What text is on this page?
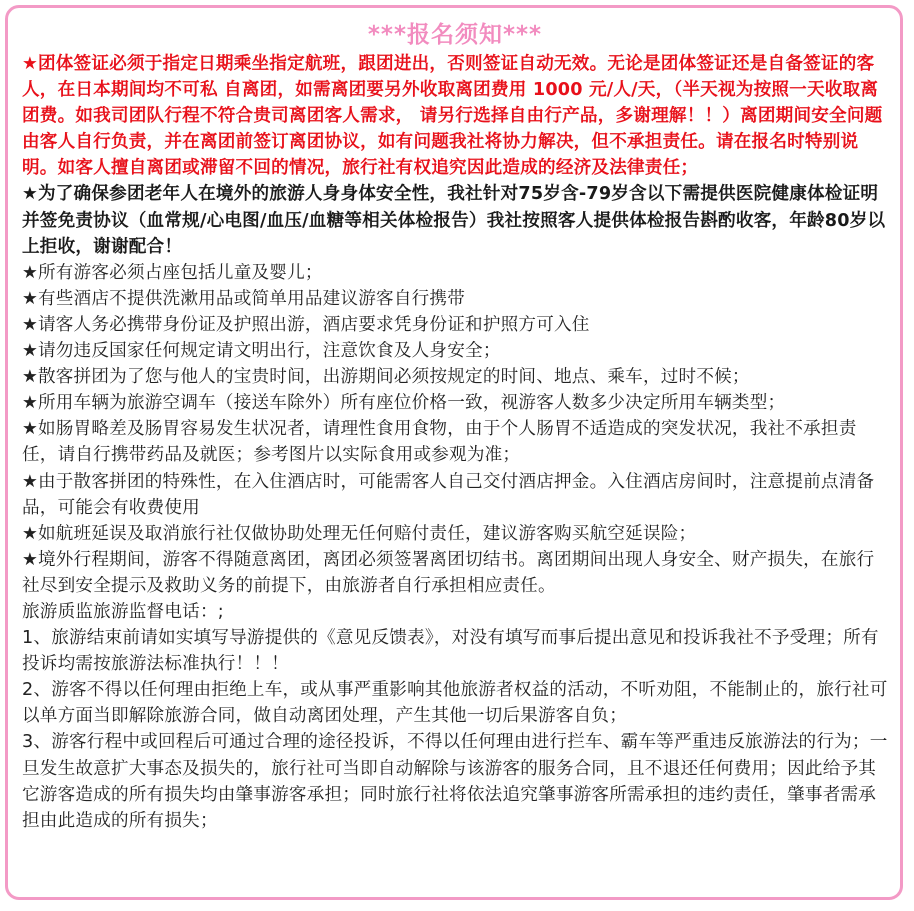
***报名须知***

★团体签证必须于指定日期乘坐指定航班，跟团进出，否则签证自动无效。无论是团体签证还是自备签证的客人，在日本期间均不可私 自离团，如需离团要另外收取离团费用 1000 元/人/天，（半天视为按照一天收取离团费。如我司团队行程不符合贵司离团客人需求， 请另行选择自由行产品，多谢理解！！）离团期间安全问题由客人自行负责，并在离团前签订离团协议，如有问题我社将协力解决，但不承担责任。请在报名时特别说明。如客人擅自离团或滞留不回的情况，旅行社有权追究因此造成的经济及法律责任；

★为了确保参团老年人在境外的旅游人身身体安全性，我社针对75岁含-79岁含以下需提供医院健康体检证明并签免责协议（血常规/心电图/血压/血糖等相关体检报告）我社按照客人提供体检报告斟酌收客，年龄80岁以上拒收，谢谢配合！

★所有游客必须占座包括儿童及婴儿；

★有些酒店不提供洗漱用品或简单用品建议游客自行携带

★请客人务必携带身份证及护照出游，酒店要求凭身份证和护照方可入住

★请勿违反国家任何规定请文明出行，注意饮食及人身安全；

★散客拼团为了您与他人的宝贵时间，出游期间必须按规定的时间、地点、乘车，过时不候；

★所用车辆为旅游空调车（接送车除外）所有座位价格一致，视游客人数多少决定所用车辆类型；

★如肠胃略差及肠胃容易发生状况者，请理性食用食物，由于个人肠胃不适造成的突发状况，我社不承担责任，请自行携带药品及就医；参考图片以实际食用或参观为准；

★由于散客拼团的特殊性，在入住酒店时，可能需客人自己交付酒店押金。入住酒店房间时，注意提前点清备品，可能会有收费使用

★如航班延误及取消旅行社仅做协助处理无任何赔付责任，建议游客购买航空延误险；

★境外行程期间，游客不得随意离团，离团必须签署离团切结书。离团期间出现人身安全、财产损失，在旅行社尽到安全提示及救助义务的前提下，由旅游者自行承担相应责任。

旅游质监旅游监督电话：;

1、旅游结束前请如实填写导游提供的《意见反馈表》，对没有填写而事后提出意见和投诉我社不予受理；所有投诉均需按旅游法标准执行！！！

2、游客不得以任何理由拒绝上车，或从事严重影响其他旅游者权益的活动，不听劝阻，不能制止的，旅行社可以单方面当即解除旅游合同，做自动离团处理，产生其他一切后果游客自负；

3、游客行程中或回程后可通过合理的途径投诉，不得以任何理由进行拦车、霸车等严重违反旅游法的行为；一旦发生故意扩大事态及损失的，旅行社可当即自动解除与该游客的服务合同，且不退还任何费用；因此给予其它游客造成的所有损失均由肇事游客承担；同时旅行社将依法追究肇事游客所需承担的违约责任，肇事者需承担由此造成的所有损失；
